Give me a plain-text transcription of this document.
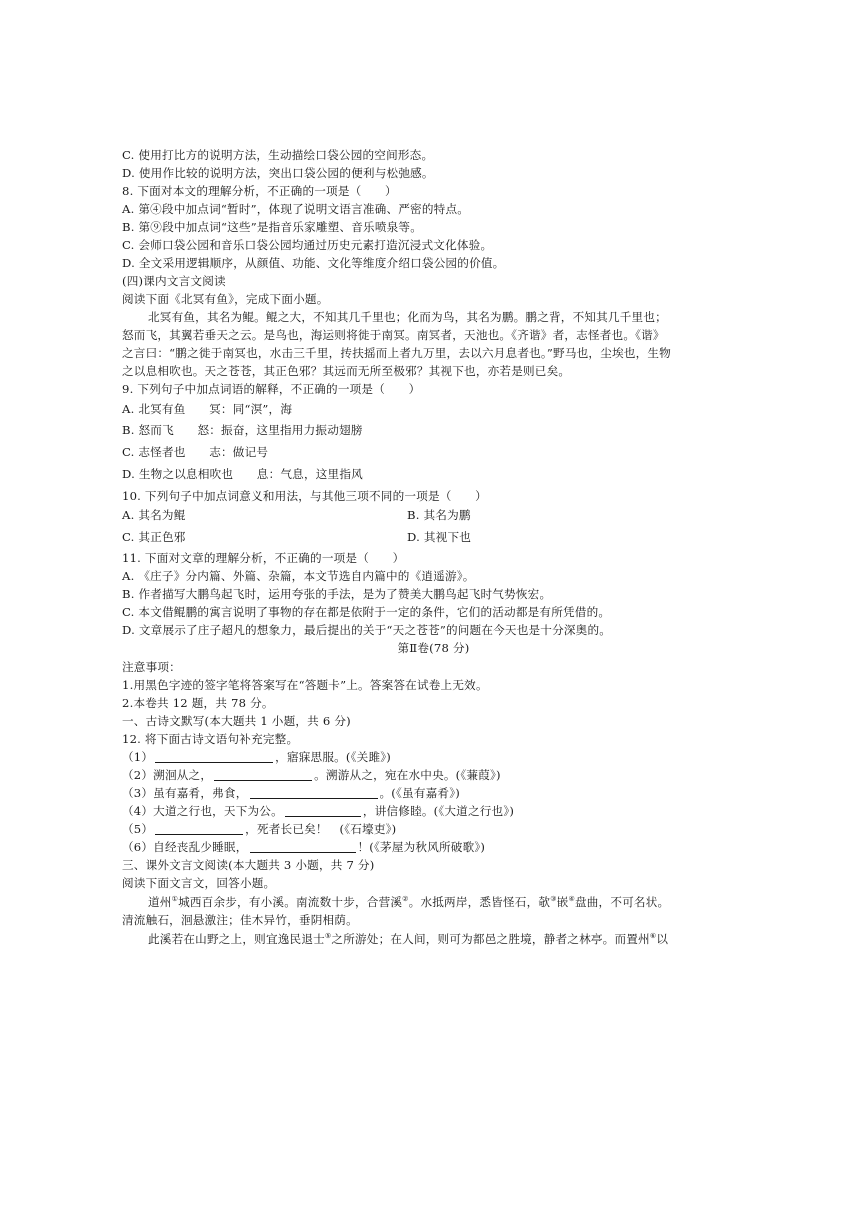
C. 使用打比方的说明方法，生动描绘口袋公园的空间形态。
D. 使用作比较的说明方法，突出口袋公园的便利与松弛感。
8. 下面对本文的理解分析，不正确的一项是（　　）
A. 第④段中加点词“暂时”，体现了说明文语言准确、严密的特点。
B. 第⑨段中加点词“这些”是指音乐家雕塑、音乐喷泉等。
C. 会师口袋公园和音乐口袋公园均通过历史元素打造沉浸式文化体验。
D. 全文采用逻辑顺序，从颜值、功能、文化等维度介绍口袋公园的价值。
(四)课内文言文阅读
阅读下面《北冥有鱼》，完成下面小题。
北冥有鱼，其名为鲲。鲲之大，不知其几千里也；化而为鸟，其名为鹏。鹏之背，不知其几千里也；
怒而飞，其翼若垂天之云。是鸟也，海运则将徙于南冥。南冥者，天池也。《齐谐》者，志怪者也。《谐》
之言曰：“鹏之徙于南冥也，水击三千里，抟扶摇而上者九万里，去以六月息者也。”野马也，尘埃也，生物
之以息相吹也。天之苍苍，其正色邪？其远而无所至极邪？其视下也，亦若是则已矣。
9. 下列句子中加点词语的解释，不正确的一项是（　　）
A. 北冥有鱼　　冥：同“溟”，海
B. 怒而飞　　怒：振奋，这里指用力振动翅膀
C. 志怪者也　　志：做记号
D. 生物之以息相吹也　　息：气息，这里指风
10. 下列句子中加点词意义和用法，与其他三项不同的一项是（　　）
A. 其名为鲲	B. 其名为鹏
C. 其正色邪	D. 其视下也
11. 下面对文章的理解分析，不正确的一项是（　　）
A. 《庄子》分内篇、外篇、杂篇，本文节选自内篇中的《逍遥游》。
B. 作者描写大鹏鸟起飞时，运用夸张的手法，是为了赞美大鹏鸟起飞时气势恢宏。
C. 本文借鲲鹏的寓言说明了事物的存在都是依附于一定的条件，它们的活动都是有所凭借的。
D. 文章展示了庄子超凡的想象力，最后提出的关于“天之苍苍”的问题在今天也是十分深奥的。
第Ⅱ卷(78 分)
注意事项：
1.用黑色字迹的签字笔将答案写在“答题卡”上。答案答在试卷上无效。
2.本卷共 12 题，共 78 分。
一、古诗文默写(本大题共 1 小题，共 6 分)
12. 将下面古诗文语句补充完整。
（1）	，寤寐思服。(《关雎》)
（2）溯洄从之，	。溯游从之，宛在水中央。(《蒹葭》)
（3）虽有嘉肴，弗食，	。(《虽有嘉肴》)
（4）大道之行也，天下为公。	，讲信修睦。(《大道之行也》)
（5）	，死者长已矣！　(《石壕吏》)
（6）自经丧乱少睡眠，	！(《茅屋为秋风所破歌》)
三、课外文言文阅读(本大题共 3 小题，共 7 分)
阅读下面文言文，回答小题。
道州①城西百余步，有小溪。南流数十步，合营溪②。水抵两岸，悉皆怪石，欹③嵌④盘曲，不可名状。
清流触石，洄悬激注；佳木异竹，垂阴相荫。
此溪若在山野之上，则宜逸民退士⑤之所游处；在人间，则可为都邑之胜境，静者之林亭。而置州⑥以
